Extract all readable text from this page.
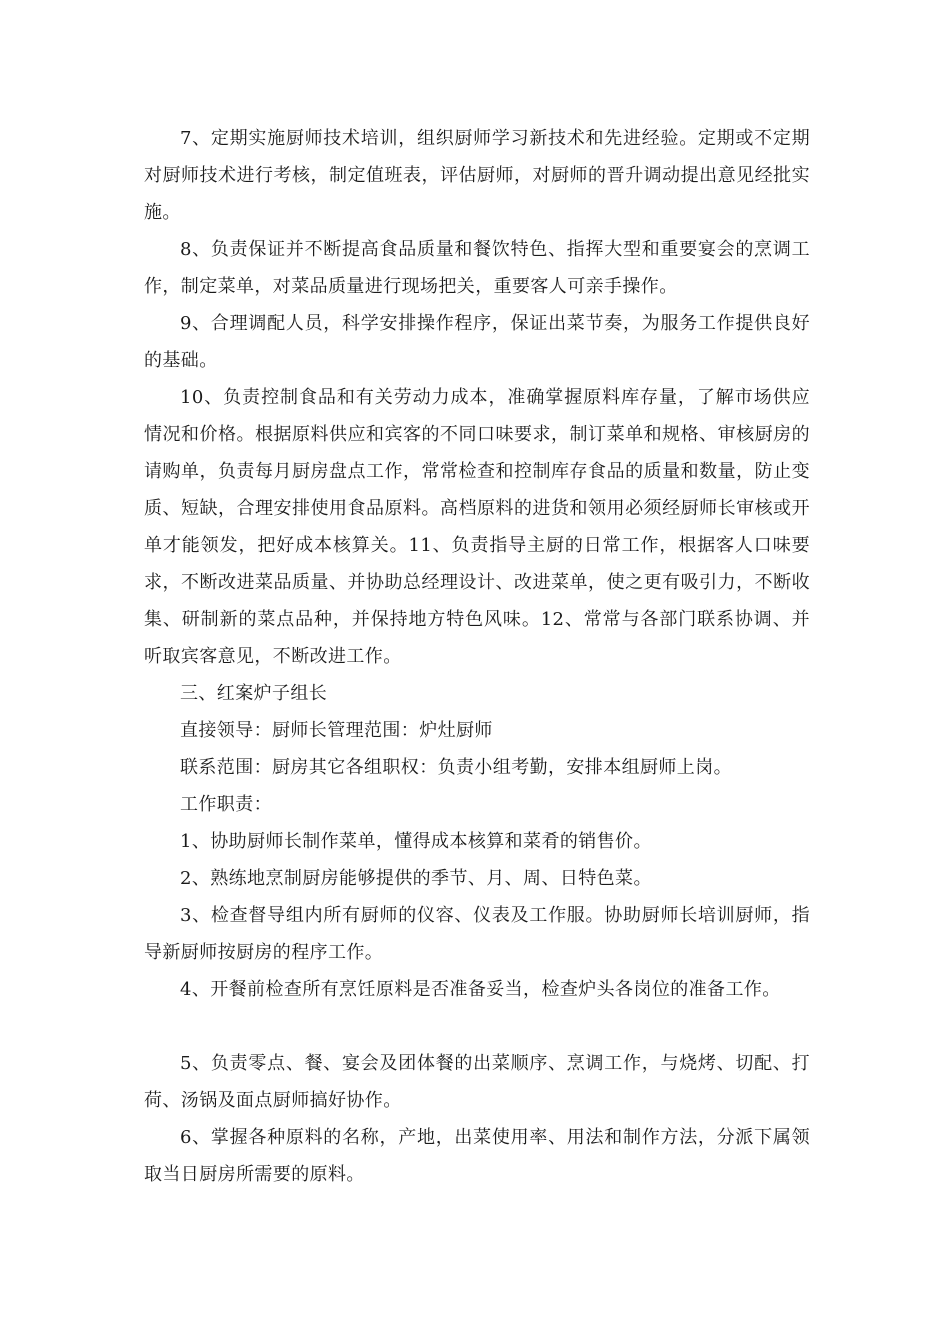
7、定期实施厨师技术培训，组织厨师学习新技术和先进经验。定期或不定期对厨师技术进行考核，制定值班表，评估厨师，对厨师的晋升调动提出意见经批实施。

8、负责保证并不断提高食品质量和餐饮特色、指挥大型和重要宴会的烹调工作，制定菜单，对菜品质量进行现场把关，重要客人可亲手操作。

9、合理调配人员，科学安排操作程序，保证出菜节奏，为服务工作提供良好的基础。

10、负责控制食品和有关劳动力成本，准确掌握原料库存量，了解市场供应情况和价格。根据原料供应和宾客的不同口味要求，制订菜单和规格、审核厨房的请购单，负责每月厨房盘点工作，常常检查和控制库存食品的质量和数量，防止变质、短缺，合理安排使用食品原料。高档原料的进货和领用必须经厨师长审核或开单才能领发，把好成本核算关。11、负责指导主厨的日常工作，根据客人口味要求，不断改进菜品质量、并协助总经理设计、改进菜单，使之更有吸引力，不断收集、研制新的菜点品种，并保持地方特色风味。12、常常与各部门联系协调、并听取宾客意见，不断改进工作。

三、红案炉子组长

直接领导：厨师长管理范围：炉灶厨师

联系范围：厨房其它各组职权：负责小组考勤，安排本组厨师上岗。

工作职责：

1、协助厨师长制作菜单，懂得成本核算和菜肴的销售价。

2、熟练地烹制厨房能够提供的季节、月、周、日特色菜。

3、检查督导组内所有厨师的仪容、仪表及工作服。协助厨师长培训厨师，指导新厨师按厨房的程序工作。

4、开餐前检查所有烹饪原料是否准备妥当，检查炉头各岗位的准备工作。

5、负责零点、餐、宴会及团体餐的出菜顺序、烹调工作，与烧烤、切配、打荷、汤锅及面点厨师搞好协作。

6、掌握各种原料的名称，产地，出菜使用率、用法和制作方法，分派下属领取当日厨房所需要的原料。
